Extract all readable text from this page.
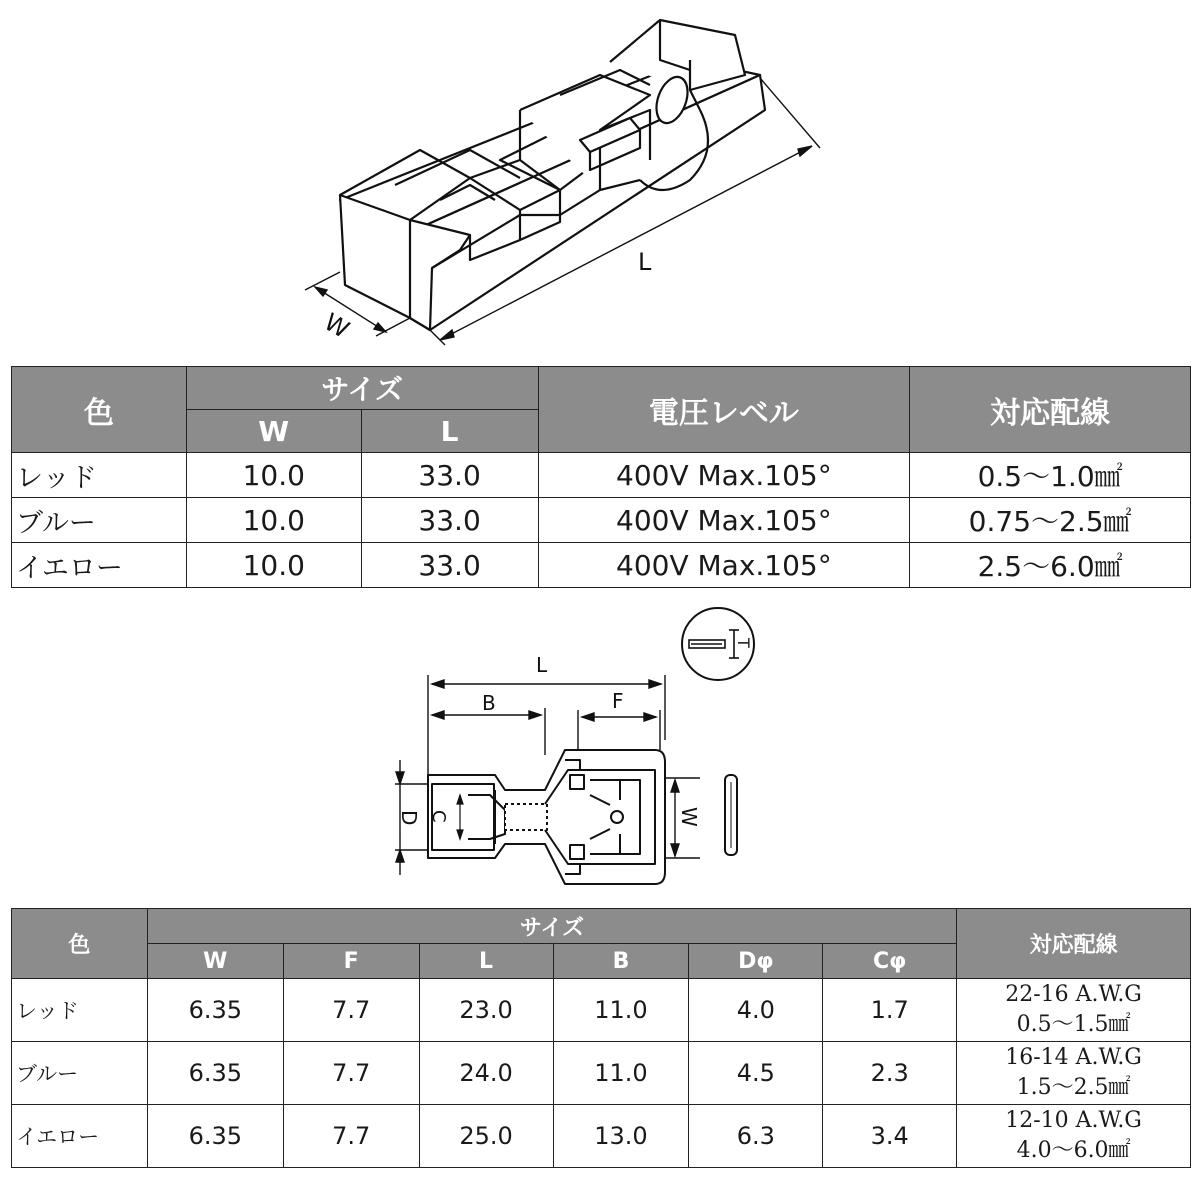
L
W
色	サイズ		電圧レベル	対応配線
	W	L		
レッド	10.0	33.0	400V Max.105°	0.5～1.0㎟
ブルー	10.0	33.0	400V Max.105°	0.75～2.5㎟
イエロー	10.0	33.0	400V Max.105°	2.5～6.0㎟
T
L
B	F
D C	W
色	サイズ						対応配線
	W	F	L	B	Dφ	Cφ	
レッド	6.35	7.7	23.0	11.0	4.0	1.7	22-16 A.W.G
0.5～1.5㎟

ブルー	6.35	7.7	24.0	11.0	4.5	2.3	16-14 A.W.G
1.5～2.5㎟

イエロー	6.35	7.7	25.0	13.0	6.3	3.4	12-10 A.W.G
4.0～6.0㎟
